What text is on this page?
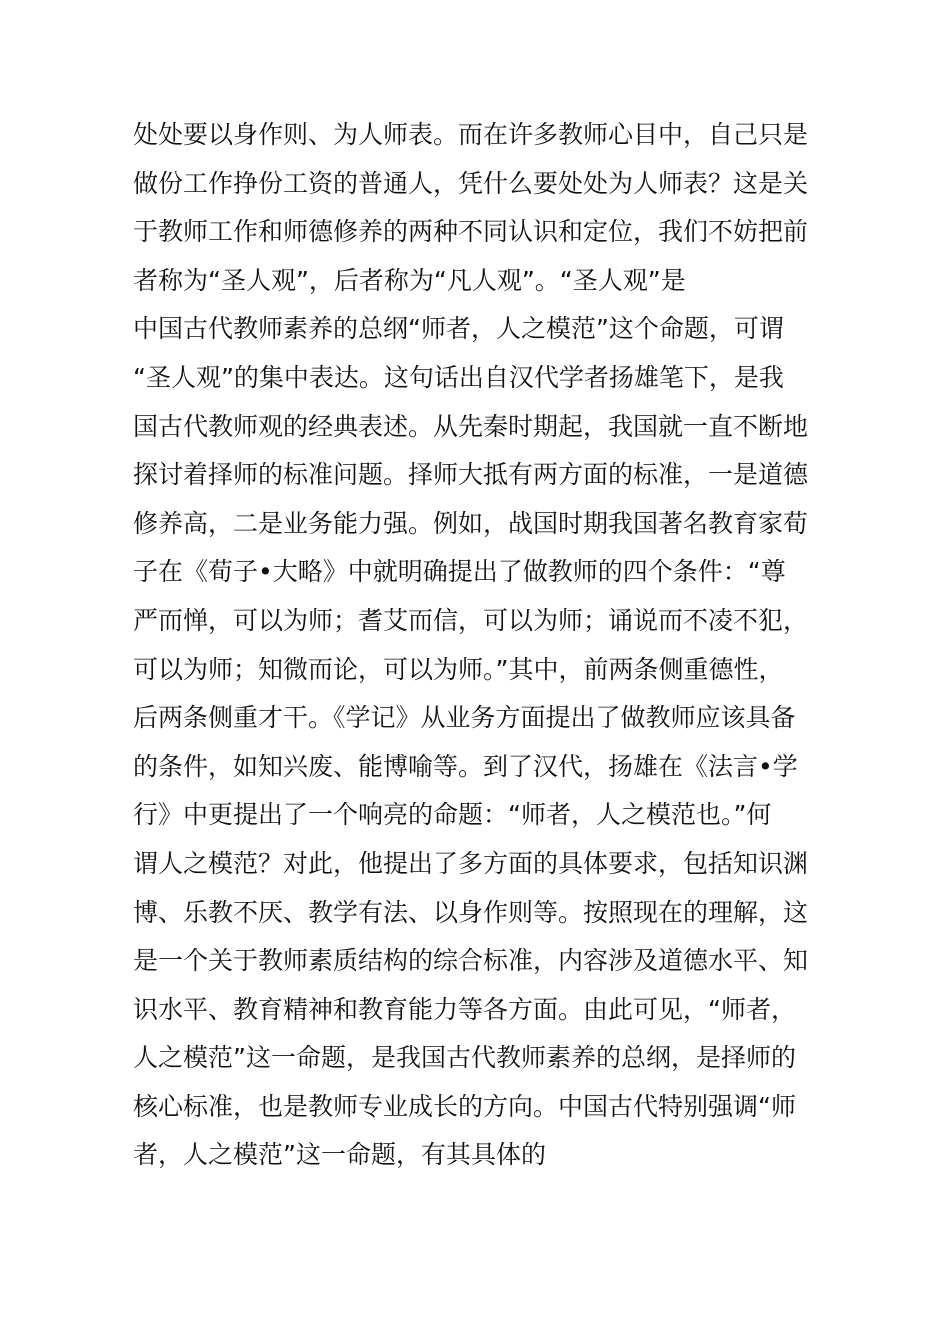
处处要以身作则、为人师表。而在许多教师心目中，自己只是
做份工作挣份工资的普通人，凭什么要处处为人师表？这是关
于教师工作和师德修养的两种不同认识和定位，我们不妨把前
者称为“圣人观”，后者称为“凡人观”。“圣人观”是
中国古代教师素养的总纲“师者，人之模范”这个命题，可谓
“圣人观”的集中表达。这句话出自汉代学者扬雄笔下，是我
国古代教师观的经典表述。从先秦时期起，我国就一直不断地
探讨着择师的标准问题。择师大抵有两方面的标准，一是道德
修养高，二是业务能力强。例如，战国时期我国著名教育家荀
子在《荀子•大略》中就明确提出了做教师的四个条件：“尊
严而惮，可以为师；耆艾而信，可以为师；诵说而不凌不犯，
可以为师；知微而论，可以为师。”其中，前两条侧重德性，
后两条侧重才干。《学记》从业务方面提出了做教师应该具备
的条件，如知兴废、能博喻等。到了汉代，扬雄在《法言•学
行》中更提出了一个响亮的命题：“师者，人之模范也。”何
谓人之模范？对此，他提出了多方面的具体要求，包括知识渊
博、乐教不厌、教学有法、以身作则等。按照现在的理解，这
是一个关于教师素质结构的综合标准，内容涉及道德水平、知
识水平、教育精神和教育能力等各方面。由此可见，“师者，
人之模范”这一命题，是我国古代教师素养的总纲，是择师的
核心标准，也是教师专业成长的方向。中国古代特别强调“师
者，人之模范”这一命题，有其具体的
